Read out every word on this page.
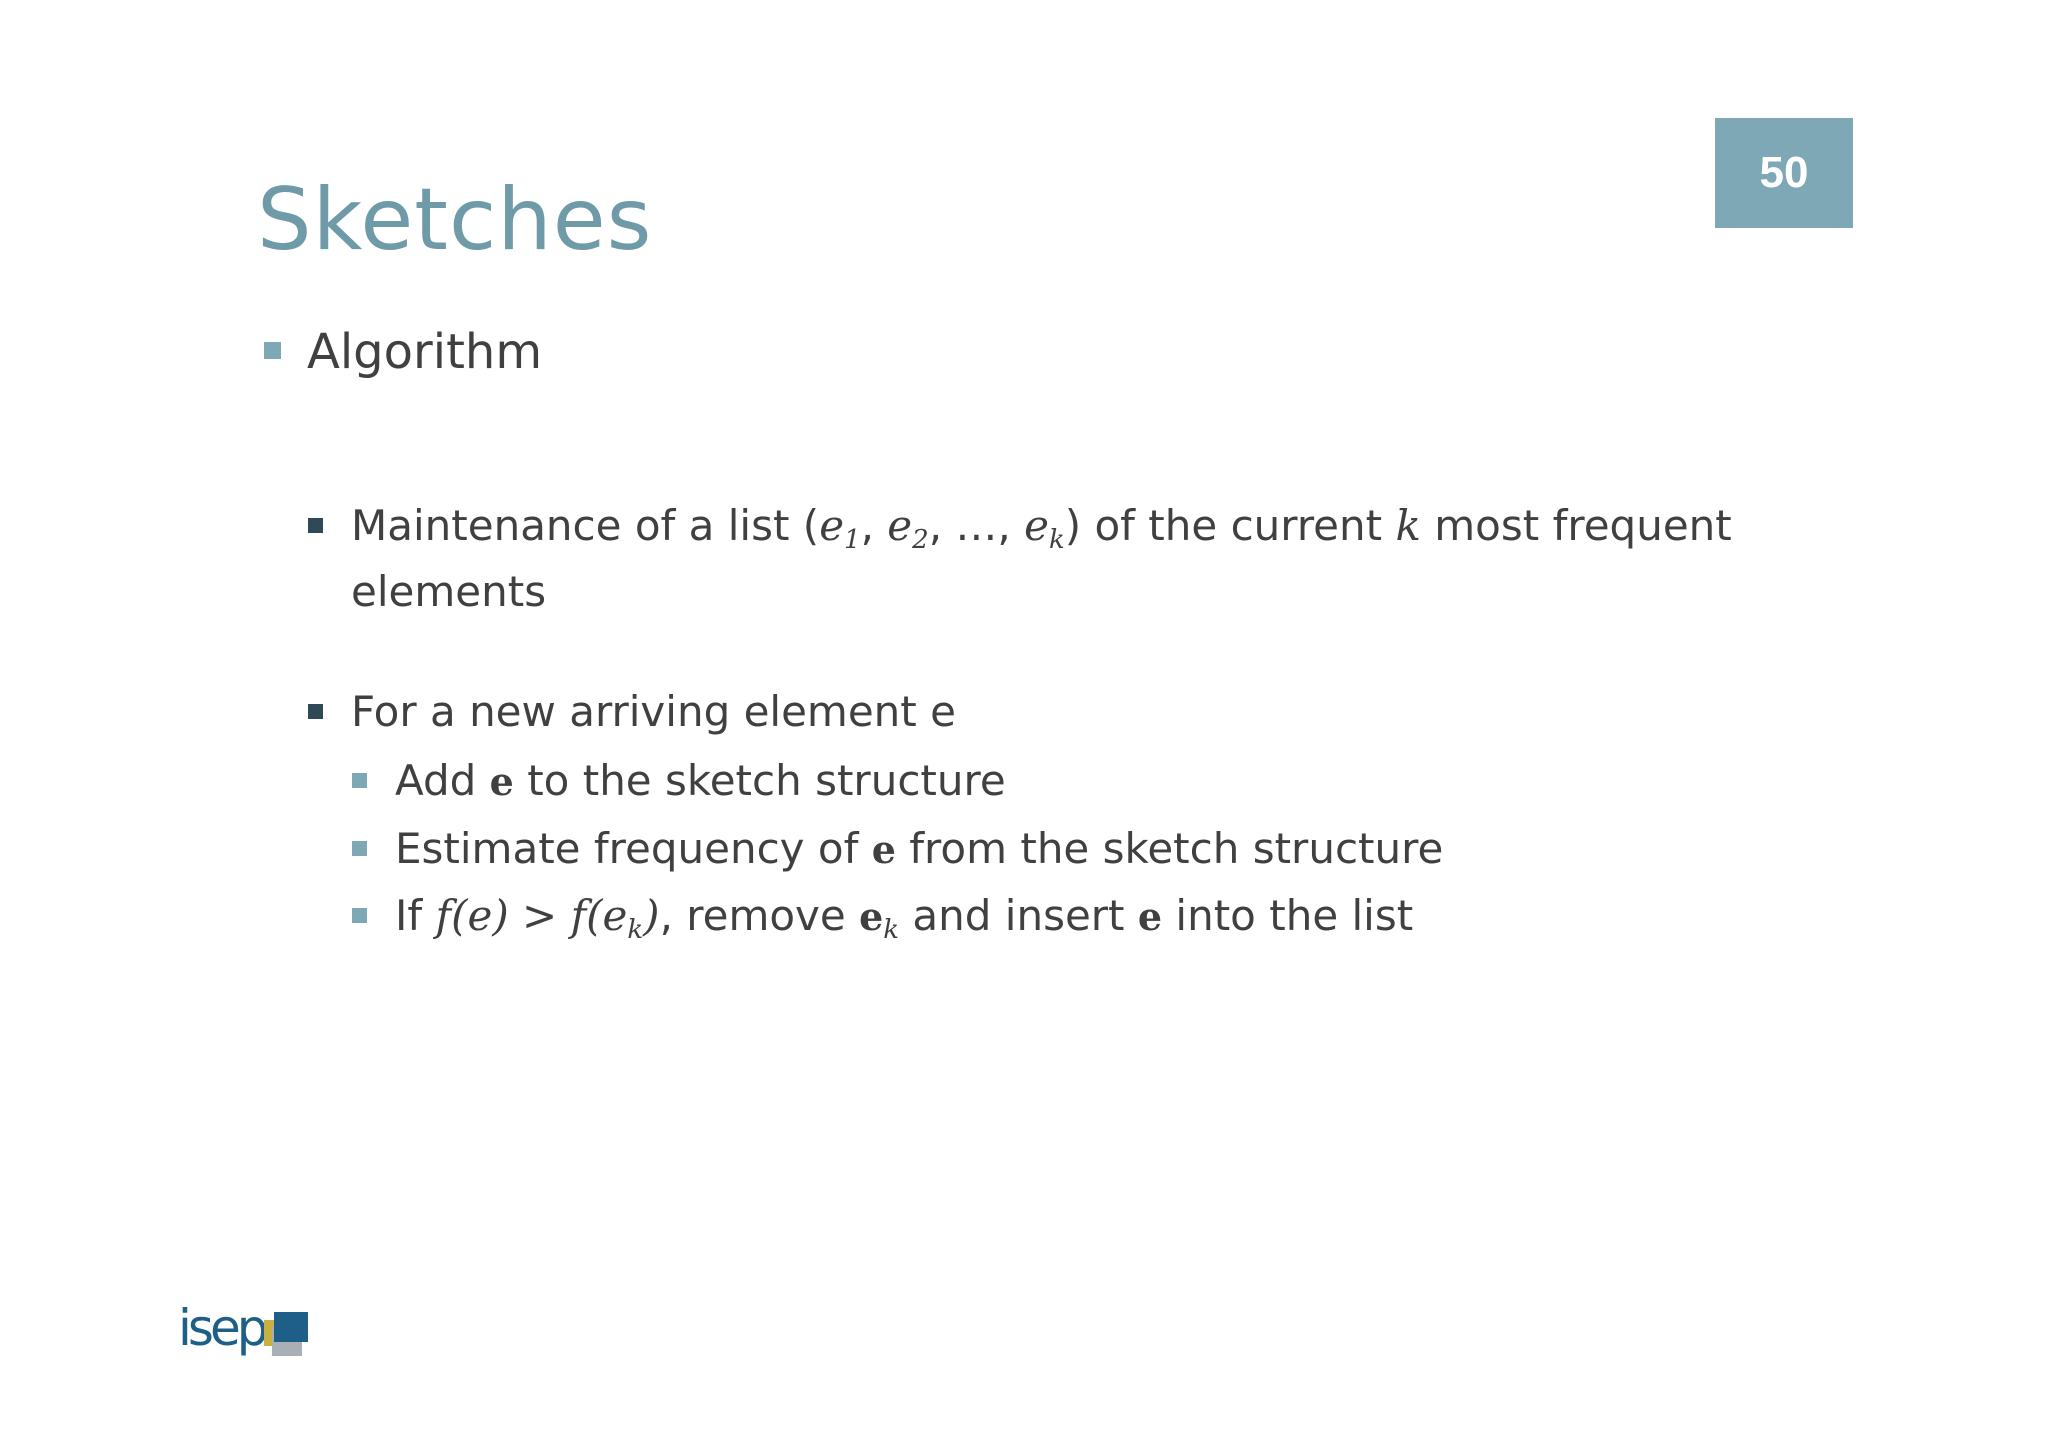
50
Sketches
Algorithm
Maintenance of a list ($e_1$, $e_2$, …, $e_k$) of the current k most frequent
elements
For a new arriving element e
Add e to the sketch structure
Estimate frequency of e from the sketch structure
If $f(e) > f(e_k)$, remove $e_k$ and insert e into the list
isep
